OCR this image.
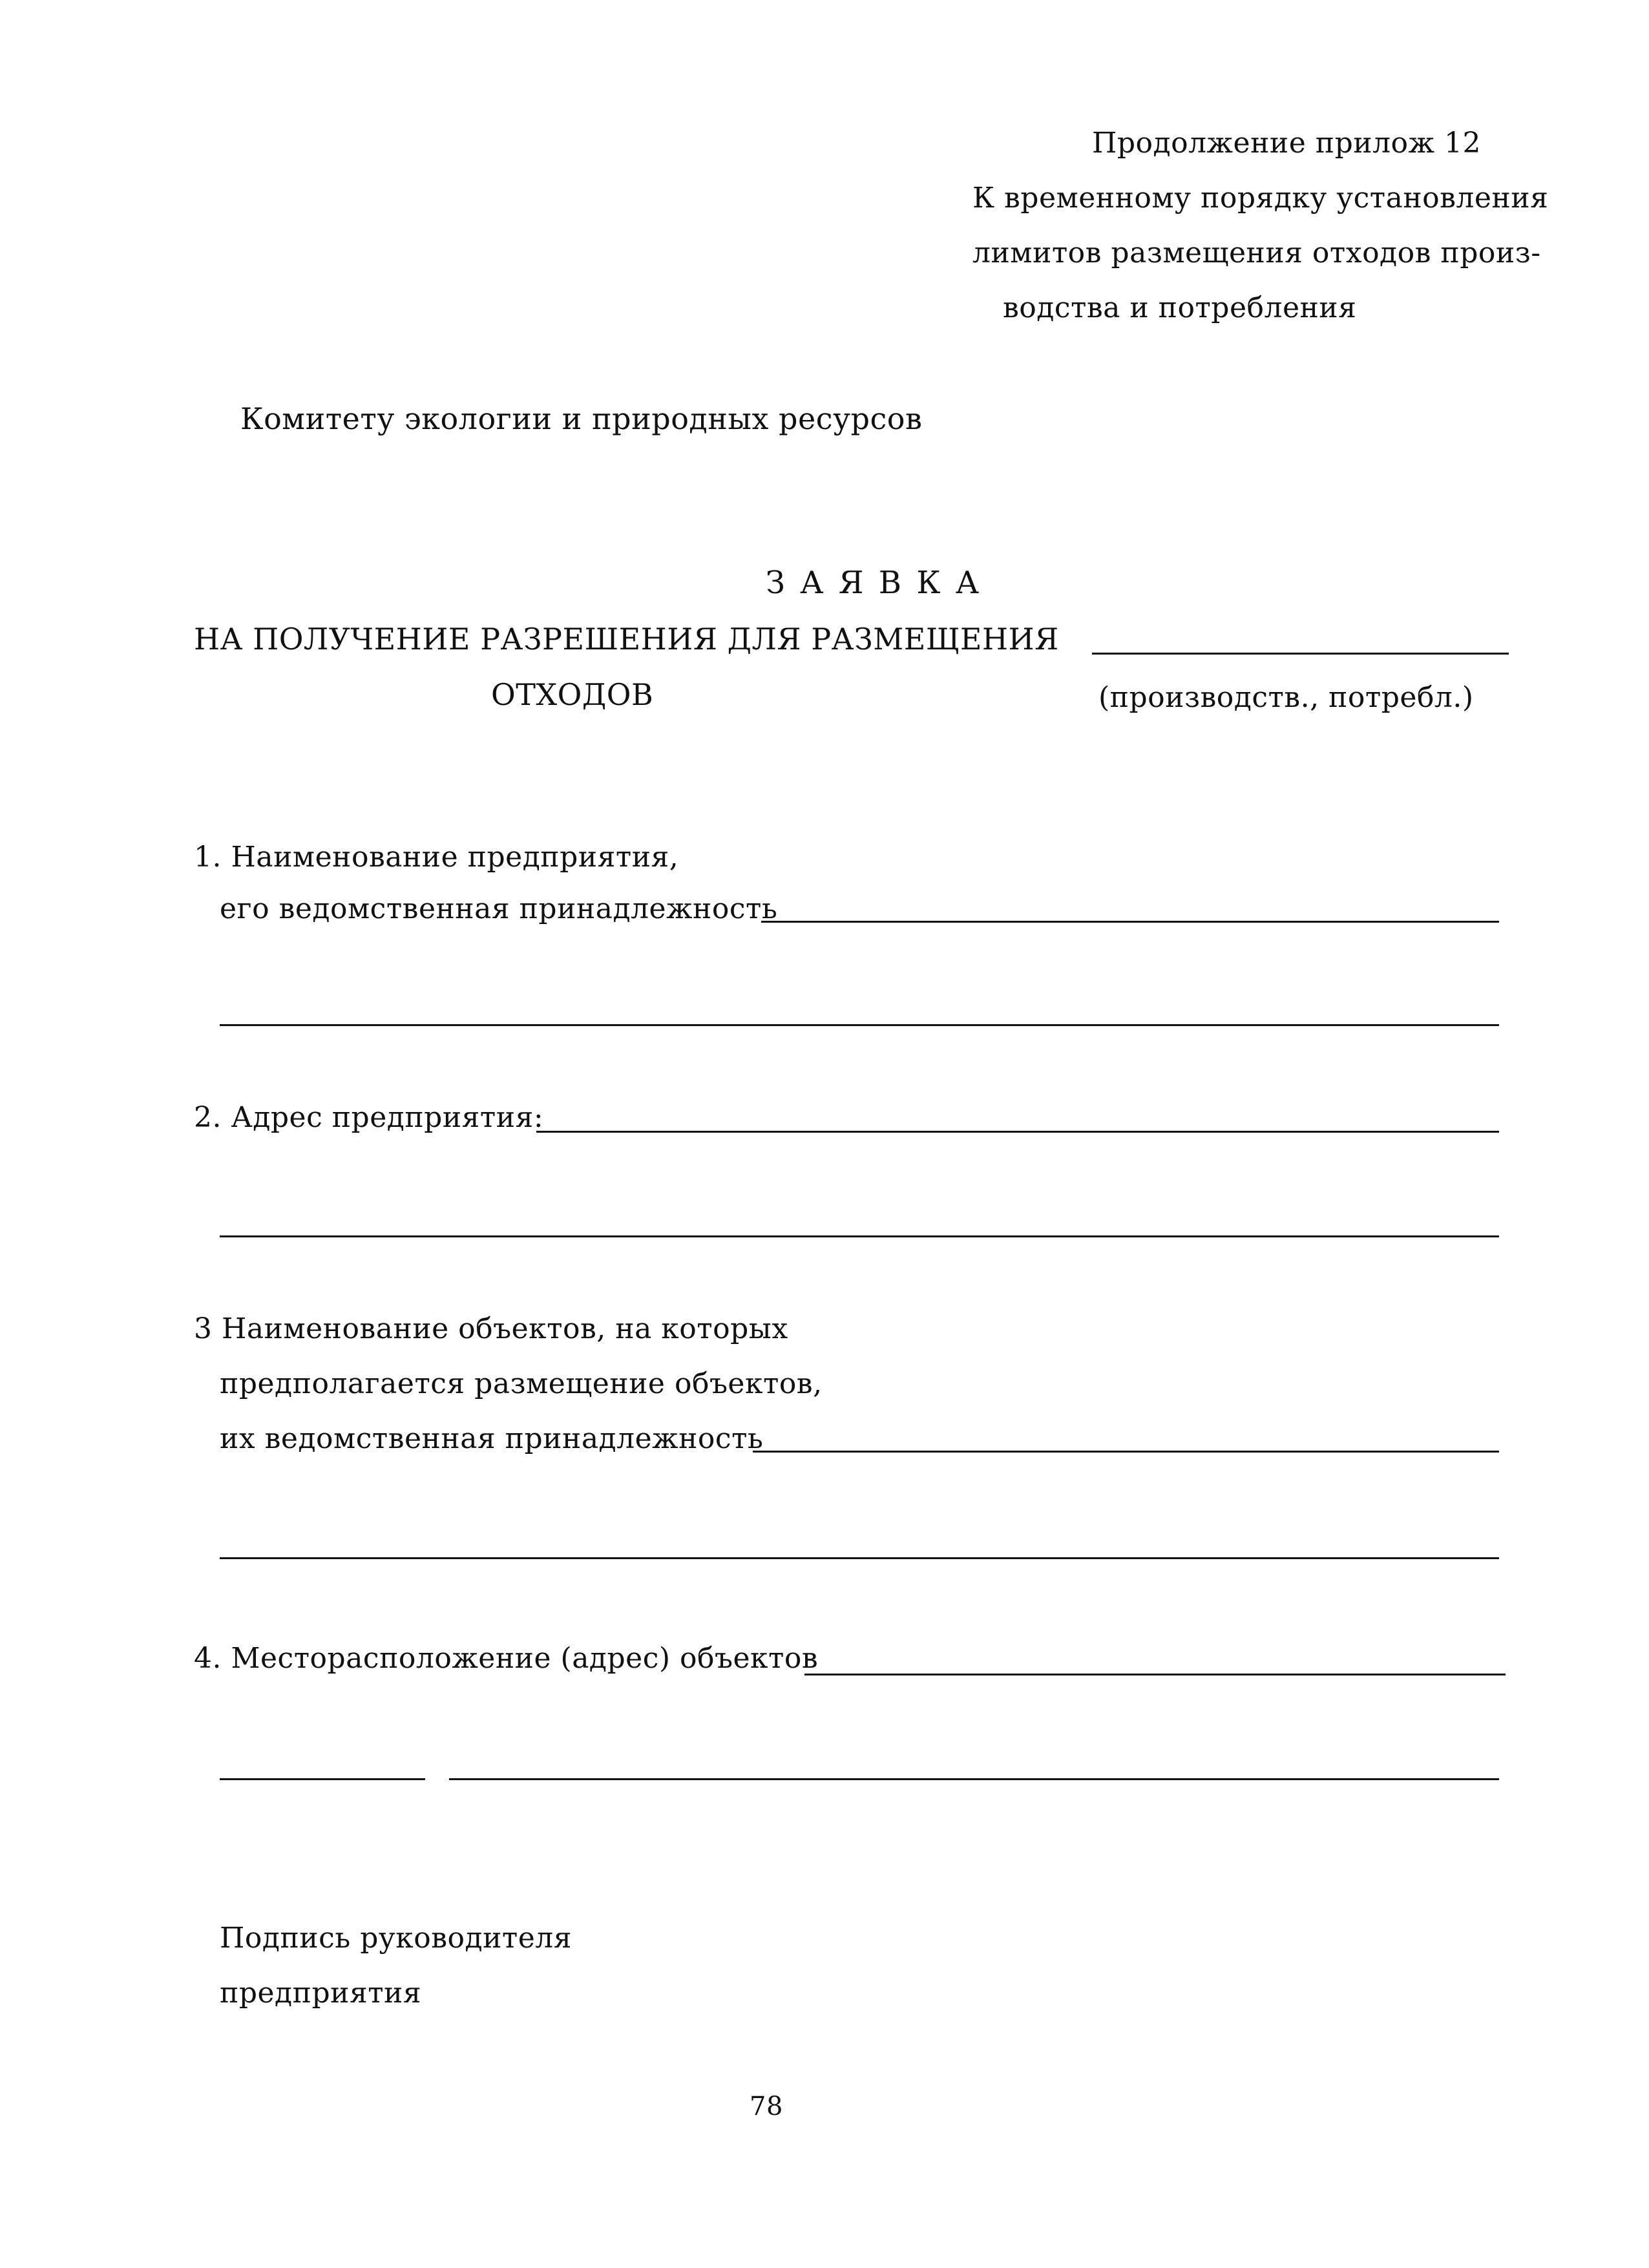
Продолжение прилож 12
К временному порядку установления
лимитов размещения отходов произ-
водства и потребления
Комитету экологии и природных ресурсов
З А Я В К А
НА ПОЛУЧЕНИЕ РАЗРЕШЕНИЯ ДЛЯ РАЗМЕЩЕНИЯ
ОТХОДОВ	(производств., потребл.)
1. Наименование предприятия,
его ведомственная принадлежность
2. Адрес предприятия:
3 Наименование объектов, на которых
предполагается размещение объектов,
их ведомственная принадлежность
4. Месторасположение (адрес) объектов
Подпись руководителя
предприятия
78
